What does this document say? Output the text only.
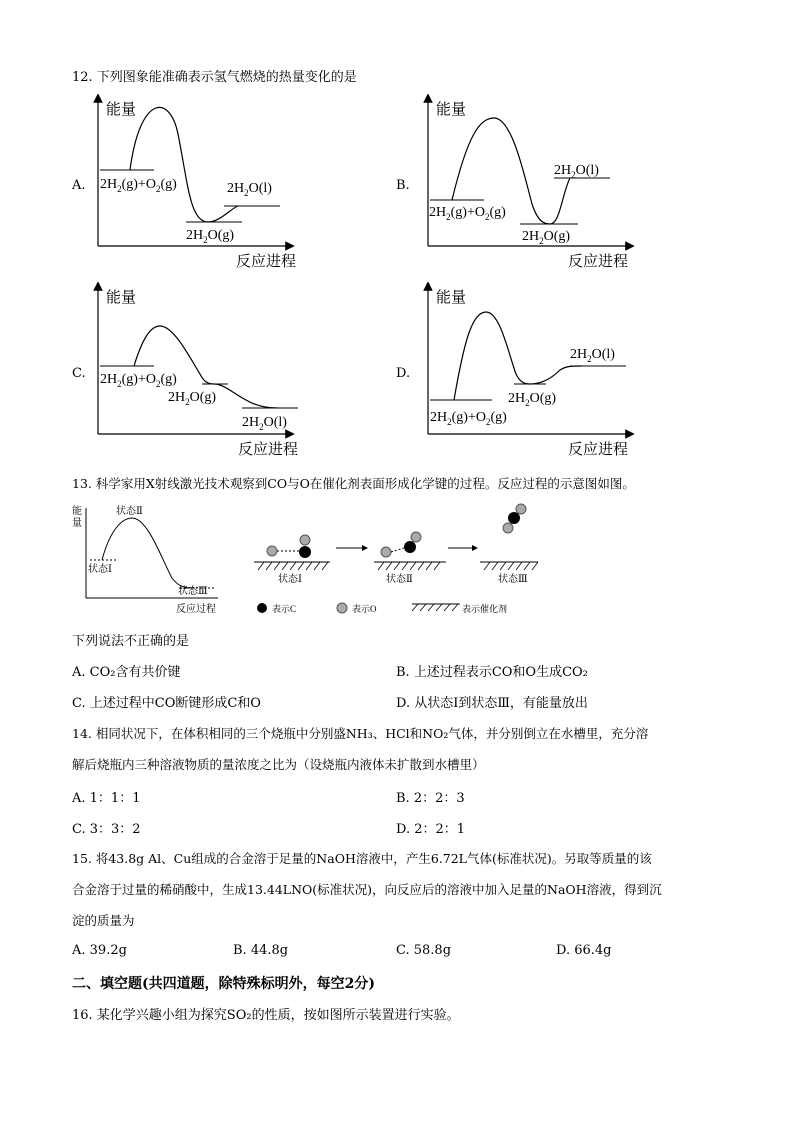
12. 下列图象能准确表示氢气燃烧的热量变化的是
A.	B.
C.	D.
能量
反应进程
$2H_2(g)+O_2(g)$	$2H_2O(l)$
$2H_2O(g)$
能量
反应进程
$2H_2(g)+O_2(g)$
$2H_2O(l)$
$2H_2O(g)$
能量
反应进程
$2H_2(g)+O_2(g)$
$2H_2O(g)$
$2H_2O(l)$
能量
反应进程
$2H_2O(l)$
$2H_2O(g)$
$2H_2(g)+O_2(g)$
13. 科学家用X射线激光技术观察到CO与O在催化剂表面形成化学键的过程。反应过程的示意图如图。
能
量
状态Ⅱ
状态Ⅰ
状态Ⅲ
反应过程
状态Ⅰ	状态Ⅱ	状态Ⅲ
表示C	表示O	表示催化剂
下列说法不正确的是
A. CO₂含有共价键	B. 上述过程表示CO和O生成CO₂
C. 上述过程中CO断键形成C和O	D. 从状态Ⅰ到状态Ⅲ，有能量放出
14. 相同状况下，在体积相同的三个烧瓶中分别盛NH₃、HCl和NO₂气体，并分别倒立在水槽里，充分溶
解后烧瓶内三种溶液物质的量浓度之比为（设烧瓶内液体未扩散到水槽里）
A. 1：1：1	B. 2：2：3
C. 3：3：2	D. 2：2：1
15. 将43.8g Al、Cu组成的合金溶于足量的NaOH溶液中，产生6.72L气体(标准状况)。另取等质量的该
合金溶于过量的稀硝酸中，生成13.44LNO(标准状况)，向反应后的溶液中加入足量的NaOH溶液，得到沉
淀的质量为
A. 39.2g	B. 44.8g	C. 58.8g	D. 66.4g
二、填空题(共四道题，除特殊标明外，每空2分)
16. 某化学兴趣小组为探究SO₂的性质，按如图所示装置进行实验。
